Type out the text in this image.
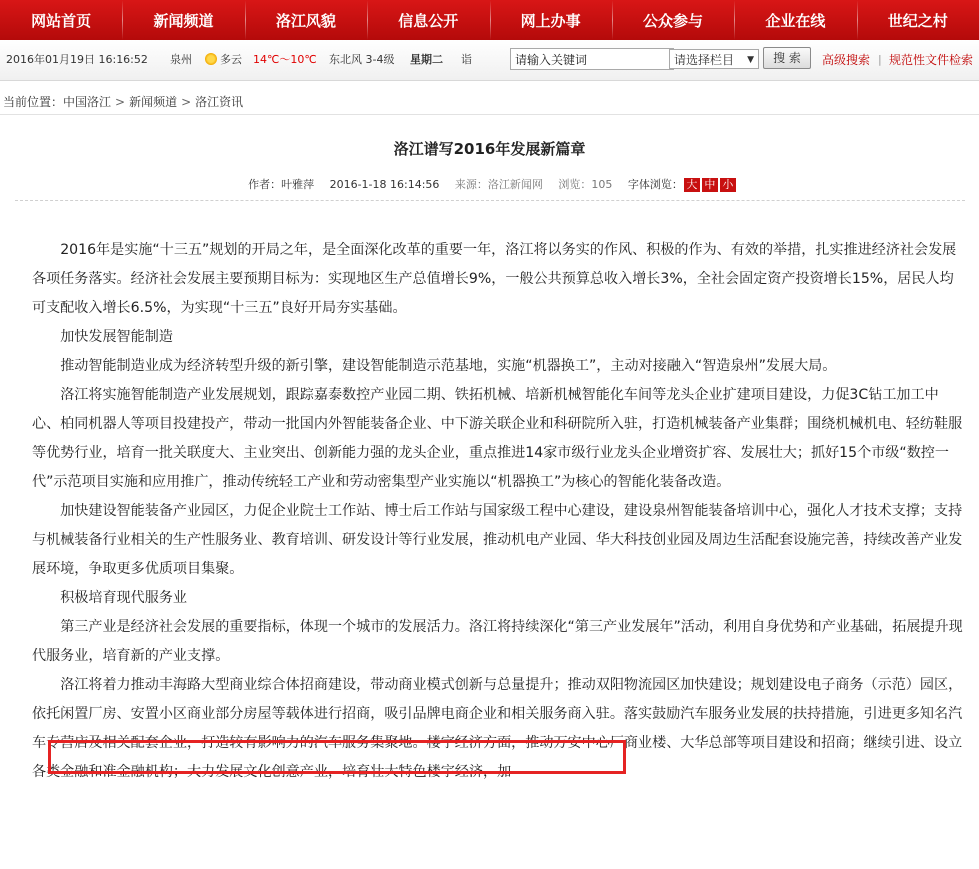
网站首页	新闻频道	洛江风貌	信息公开	网上办事	公众参与	企业在线	世纪之村
2016年01月19日 16:16:52 泉州	多云 14℃～10℃ 东北风 3-4级 星期二 诣
请输入关键词	请选择栏目 ▼	搜 索	高级搜索 | 规范性文件检索
当前位置：中国洛江 > 新闻频道 > 洛江资讯
洛江谱写2016年发展新篇章
作者：叶雅萍 2016-1-18 16:14:56 来源：洛江新闻网 浏览：105 字体浏览： 大 中 小

2016年是实施“十三五”规划的开局之年，是全面深化改革的重要一年，洛江将以务实的作风、积极的作为、有效的举措，扎实推进经济社会发展各项任务落实。经济社会发展主要预期目标为：实现地区生产总值增长9%，一般公共预算总收入增长3%，全社会固定资产投资增长15%，居民人均可支配收入增长6.5%，为实现“十三五”良好开局夯实基础。

加快发展智能制造

推动智能制造业成为经济转型升级的新引擎，建设智能制造示范基地，实施“机器换工”，主动对接融入“智造泉州”发展大局。

洛江将实施智能制造产业发展规划，跟踪嘉泰数控产业园二期、铁拓机械、培新机械智能化车间等龙头企业扩建项目建设，力促3C钻工加工中心、柏同机器人等项目投建投产，带动一批国内外智能装备企业、中下游关联企业和科研院所入驻，打造机械装备产业集群；围绕机械机电、轻纺鞋服等优势行业，培育一批关联度大、主业突出、创新能力强的龙头企业，重点推进14家市级行业龙头企业增资扩容、发展壮大；抓好15个市级“数控一代”示范项目实施和应用推广，推动传统轻工产业和劳动密集型产业实施以“机器换工”为核心的智能化装备改造。

加快建设智能装备产业园区，力促企业院士工作站、博士后工作站与国家级工程中心建设，建设泉州智能装备培训中心，强化人才技术支撑；支持与机械装备行业相关的生产性服务业、教育培训、研发设计等行业发展，推动机电产业园、华大科技创业园及周边生活配套设施完善，持续改善产业发展环境，争取更多优质项目集聚。

积极培育现代服务业

第三产业是经济社会发展的重要指标，体现一个城市的发展活力。洛江将持续深化“第三产业发展年”活动，利用自身优势和产业基础，拓展提升现代服务业，培育新的产业支撑。

洛江将着力推动丰海路大型商业综合体招商建设，带动商业模式创新与总量提升；推动双阳物流园区加快建设；规划建设电子商务（示范）园区，依托闲置厂房、安置小区商业部分房屋等载体进行招商，吸引品牌电商企业和相关服务商入驻。落实鼓励汽车服务业发展的扶持措施，引进更多知名汽车专营店及相关配套企业，打造较有影响力的汽车服务集聚地。楼宇经济方面，推动万安中心厂商业楼、大华总部等项目建设和招商；继续引进、设立各类金融和准金融机构；大力发展文化创意产业，培育壮大特色楼宇经济，加
